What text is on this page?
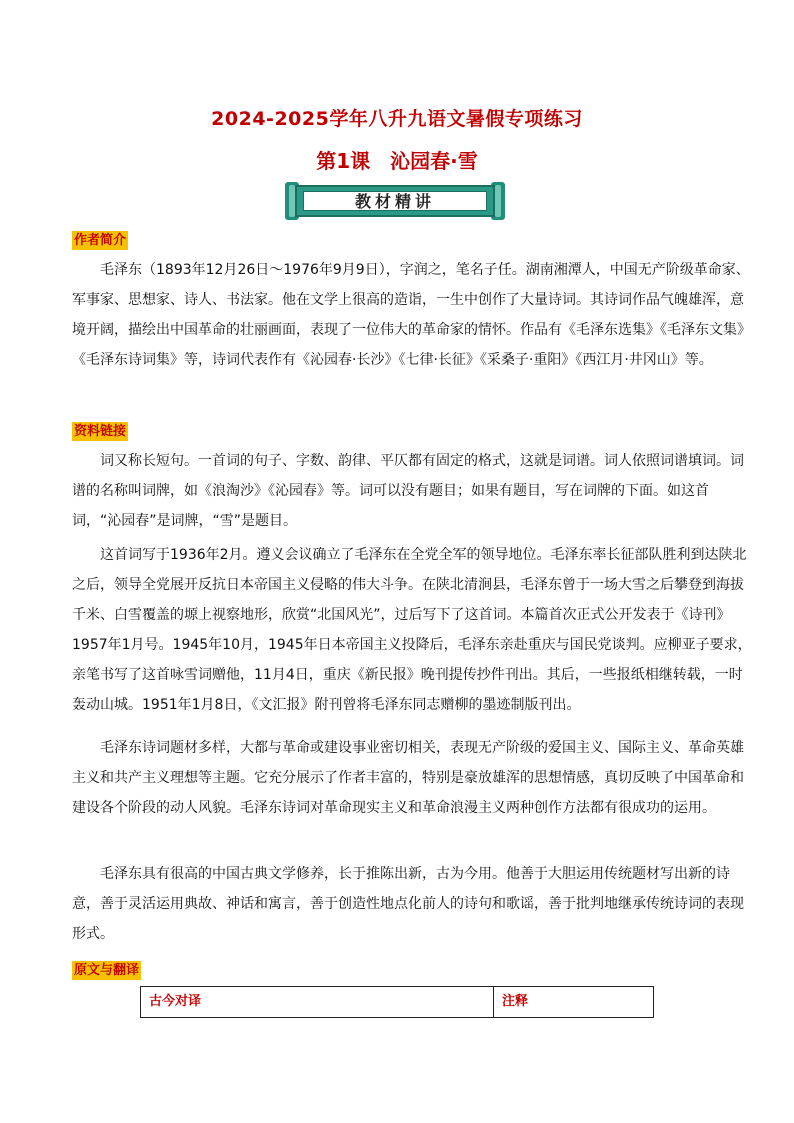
2024-2025学年八升九语文暑假专项练习
第1课　沁园春·雪
教材精讲
作者简介
毛泽东（1893年12月26日～1976年9月9日），字润之，笔名子任。湖南湘潭人，中国无产阶级革命家、军事家、思想家、诗人、书法家。他在文学上很高的造诣，一生中创作了大量诗词。其诗词作品气魄雄浑，意境开阔，描绘出中国革命的壮丽画面，表现了一位伟大的革命家的情怀。作品有《毛泽东选集》《毛泽东文集》《毛泽东诗词集》等，诗词代表作有《沁园春·长沙》《七律·长征》《采桑子·重阳》《西江月·井冈山》等。
资料链接
词又称长短句。一首词的句子、字数、韵律、平仄都有固定的格式，这就是词谱。词人依照词谱填词。词谱的名称叫词牌，如《浪淘沙》《沁园春》等。词可以没有题目；如果有题目，写在词牌的下面。如这首词，“沁园春”是词牌，“雪”是题目。
这首词写于1936年2月。遵义会议确立了毛泽东在全党全军的领导地位。毛泽东率长征部队胜利到达陕北之后，领导全党展开反抗日本帝国主义侵略的伟大斗争。在陕北清涧县，毛泽东曾于一场大雪之后攀登到海拔千米、白雪覆盖的塬上视察地形，欣赏“北国风光”，过后写下了这首词。本篇首次正式公开发表于《诗刊》1957年1月号。1945年10月，1945年日本帝国主义投降后，毛泽东亲赴重庆与国民党谈判。应柳亚子要求，亲笔书写了这首咏雪词赠他，11月4日，重庆《新民报》晚刊提传抄件刊出。其后，一些报纸相继转载，一时轰动山城。1951年1月8日，《文汇报》附刊曾将毛泽东同志赠柳的墨迹制版刊出。
毛泽东诗词题材多样，大都与革命或建设事业密切相关，表现无产阶级的爱国主义、国际主义、革命英雄主义和共产主义理想等主题。它充分展示了作者丰富的，特别是豪放雄浑的思想情感，真切反映了中国革命和建设各个阶段的动人风貌。毛泽东诗词对革命现实主义和革命浪漫主义两种创作方法都有很成功的运用。
毛泽东具有很高的中国古典文学修养，长于推陈出新，古为今用。他善于大胆运用传统题材写出新的诗意，善于灵活运用典故、神话和寓言，善于创造性地点化前人的诗句和歌谣，善于批判地继承传统诗词的表现形式。
原文与翻译
古今对译	注释
